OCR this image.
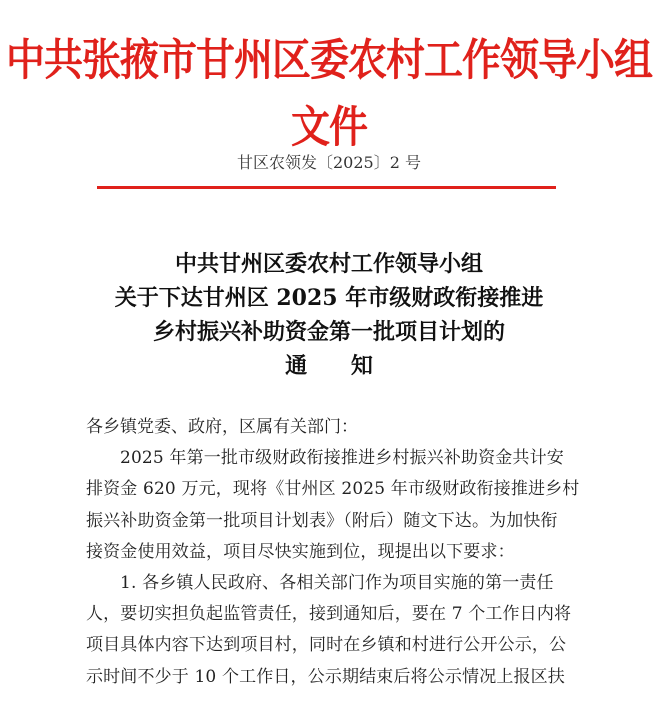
中共张掖市甘州区委农村工作领导小组文件
甘区农领发〔2025〕2 号
中共甘州区委农村工作领导小组
关于下达甘州区 2025 年市级财政衔接推进
乡村振兴补助资金第一批项目计划的
通 知
各乡镇党委、政府，区属有关部门：
2025 年第一批市级财政衔接推进乡村振兴补助资金共计安
排资金 620 万元，现将《甘州区 2025 年市级财政衔接推进乡村
振兴补助资金第一批项目计划表》（附后）随文下达。为加快衔
接资金使用效益，项目尽快实施到位，现提出以下要求：
1. 各乡镇人民政府、各相关部门作为项目实施的第一责任
人，要切实担负起监管责任，接到通知后，要在 7 个工作日内将
项目具体内容下达到项目村，同时在乡镇和村进行公开公示，公
示时间不少于 10 个工作日，公示期结束后将公示情况上报区扶
